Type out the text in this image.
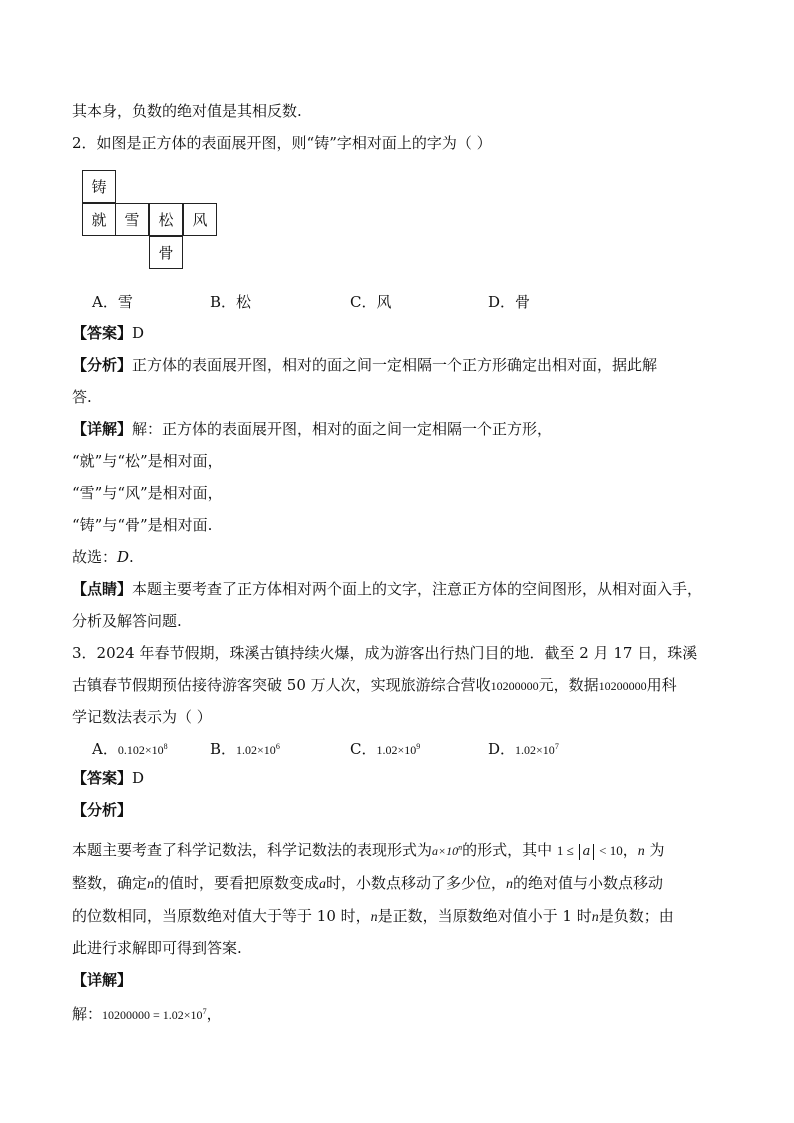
其本身，负数的绝对值是其相反数.
2．如图是正方体的表面展开图，则“铸”字相对面上的字为（ ）
铸
就	雪	松	风
骨
A．雪	B．松	C．风	D．骨
【答案】D
【分析】正方体的表面展开图，相对的面之间一定相隔一个正方形确定出相对面，据此解
答.
【详解】解：正方体的表面展开图，相对的面之间一定相隔一个正方形，
“就”与“松”是相对面，
“雪”与“风”是相对面，
“铸”与“骨”是相对面.
故选：D.
【点睛】本题主要考查了正方体相对两个面上的文字，注意正方体的空间图形，从相对面入手，
分析及解答问题.
3．2024 年春节假期，珠溪古镇持续火爆，成为游客出行热门目的地．截至 2 月 17 日，珠溪
古镇春节假期预估接待游客突破 50 万人次，实现旅游综合营收10200000元，数据10200000用科
学记数法表示为（ ）
A．$0.102\times 10^8$	B．$1.02\times 10^6$	C．$1.02\times 10^9$	D．$1.02\times 10^7$
【答案】D
【分析】
本题主要考查了科学记数法，科学记数法的表现形式为$a\times 10^n$的形式，其中 1 ≤ a < 10，n 为
整数，确定n的值时，要看把原数变成a时，小数点移动了多少位，n的绝对值与小数点移动
的位数相同，当原数绝对值大于等于 10 时，n是正数，当原数绝对值小于 1 时n是负数；由
此进行求解即可得到答案.
【详解】
解：$10200000 = 1.02\times 10^7$，
